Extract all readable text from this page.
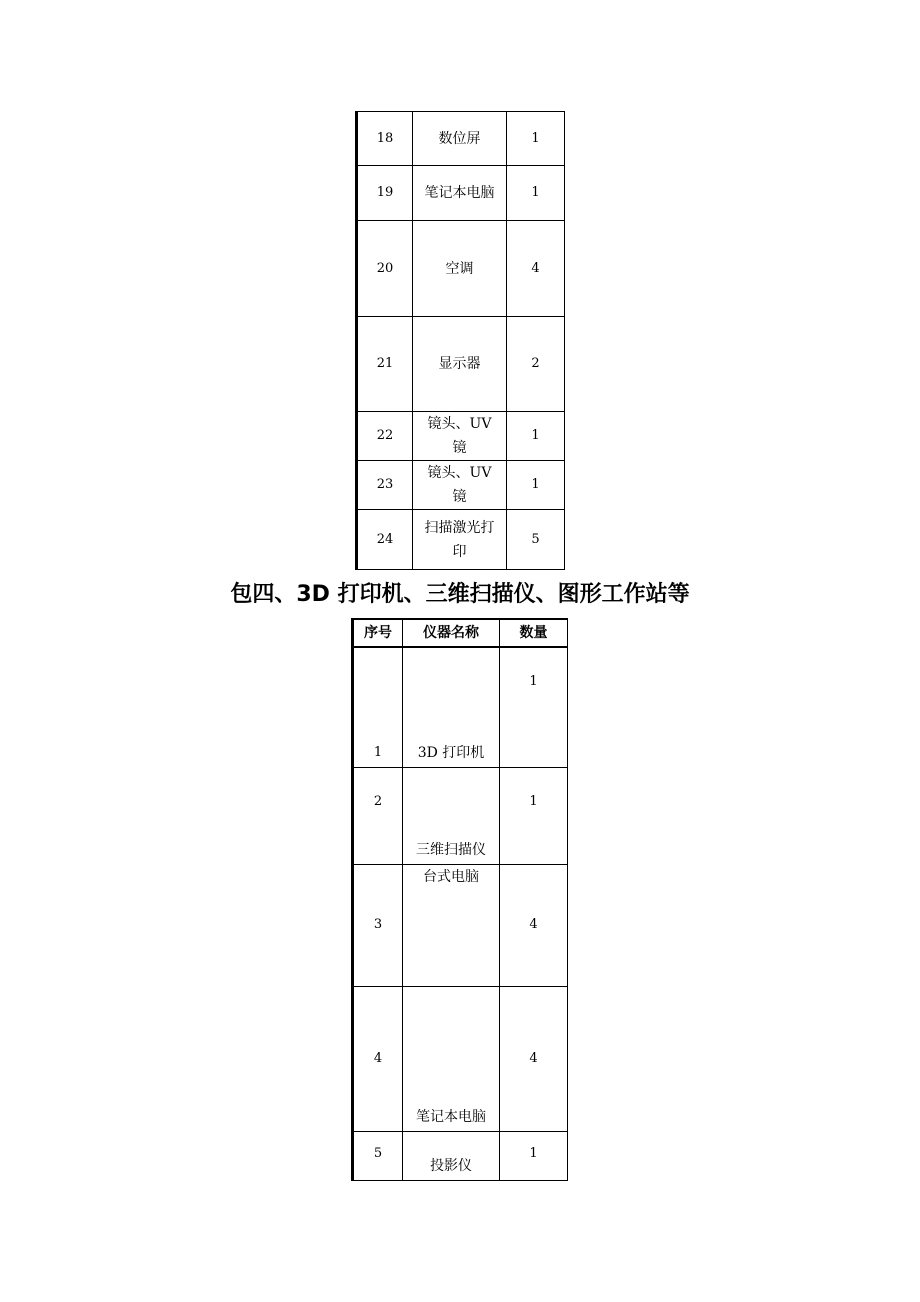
18	数位屏	1
19	笔记本电脑	1
20	空调	4
21	显示器	2
22	镜头、UV镜	1
23	镜头、UV镜	1
24	扫描激光打印	5
包四、3D 打印机、三维扫描仪、图形工作站等
序号	仪器名称	数量
1	3D 打印机	1
2	三维扫描仪	1
3	台式电脑	4
4	笔记本电脑	4
5	投影仪	1
